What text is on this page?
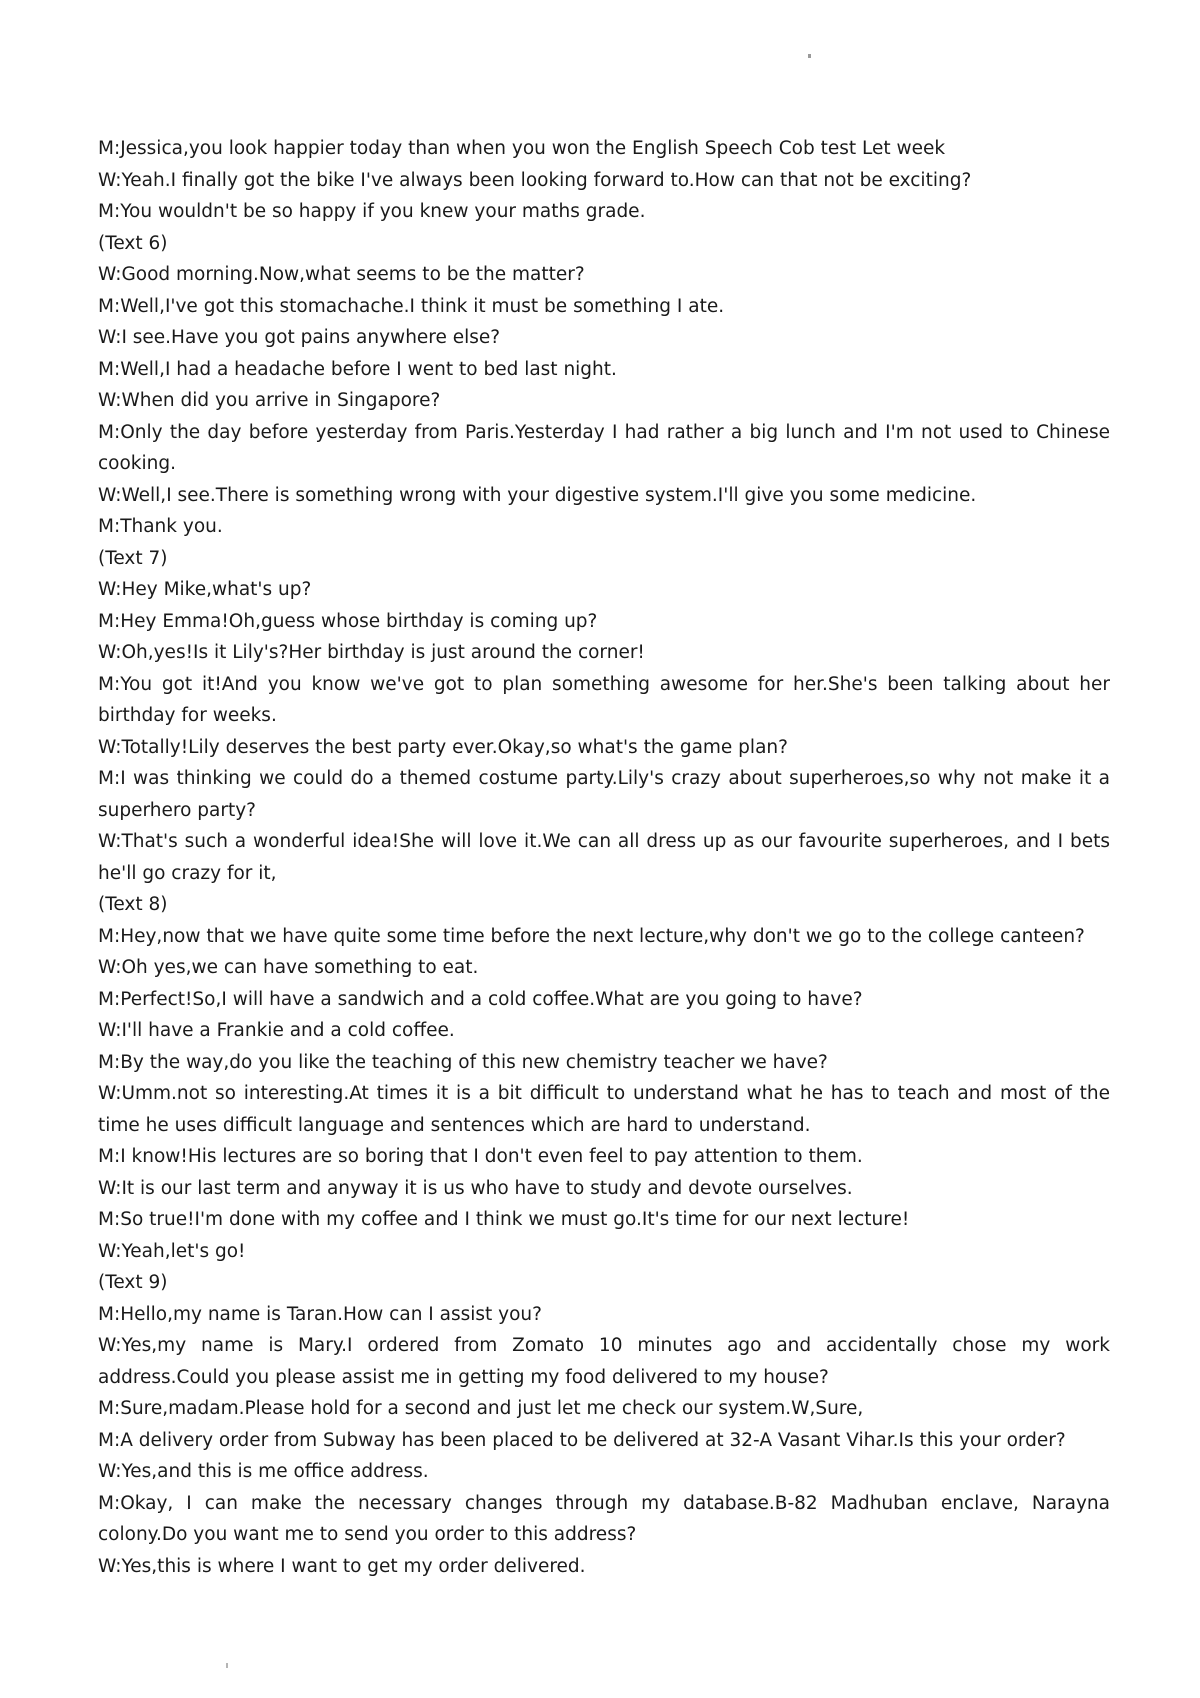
M:Jessica,you look happier today than when you won the English Speech Cob test Let week

W:Yeah.I finally got the bike I've always been looking forward to.How can that not be exciting?

M:You wouldn't be so happy if you knew your maths grade.

(Text 6)

W:Good morning.Now,what seems to be the matter?

M:Well,I've got this stomachache.I think it must be something I ate.

W:I see.Have you got pains anywhere else?

M:Well,I had a headache before I went to bed last night.

W:When did you arrive in Singapore?

M:Only the day before yesterday from Paris.Yesterday I had rather a big lunch and I'm not used to Chinese cooking.

W:Well,I see.There is something wrong with your digestive system.I'll give you some medicine.

M:Thank you.

(Text 7)

W:Hey Mike,what's up?

M:Hey Emma!Oh,guess whose birthday is coming up?

W:Oh,yes!Is it Lily's?Her birthday is just around the corner!

M:You got it!And you know we've got to plan something awesome for her.She's been talking about her birthday for weeks.

W:Totally!Lily deserves the best party ever.Okay,so what's the game plan?

M:I was thinking we could do a themed costume party.Lily's crazy about superheroes,so why not make it a superhero party?

W:That's such a wonderful idea!She will love it.We can all dress up as our favourite superheroes, and I bets he'll go crazy for it,

(Text 8)

M:Hey,now that we have quite some time before the next lecture,why don't we go to the college canteen?

W:Oh yes,we can have something to eat.

M:Perfect!So,I will have a sandwich and a cold coffee.What are you going to have?

W:I'll have a Frankie and a cold coffee.

M:By the way,do you like the teaching of this new chemistry teacher we have?

W:Umm.not so interesting.At times it is a bit difficult to understand what he has to teach and most of the time he uses difficult language and sentences which are hard to understand.

M:I know!His lectures are so boring that I don't even feel to pay attention to them.

W:It is our last term and anyway it is us who have to study and devote ourselves.

M:So true!I'm done with my coffee and I think we must go.It's time for our next lecture!

W:Yeah,let's go!

(Text 9)

M:Hello,my name is Taran.How can I assist you?

W:Yes,my name is Mary.I ordered from Zomato 10 minutes ago and accidentally chose my work address.Could you please assist me in getting my food delivered to my house?

M:Sure,madam.Please hold for a second and just let me check our system.W,Sure,

M:A delivery order from Subway has been placed to be delivered at 32-A Vasant Vihar.Is this your order?

W:Yes,and this is me office address.

M:Okay, I can make the necessary changes through my database.B-82 Madhuban enclave, Narayna colony.Do you want me to send you order to this address?

W:Yes,this is where I want to get my order delivered.
